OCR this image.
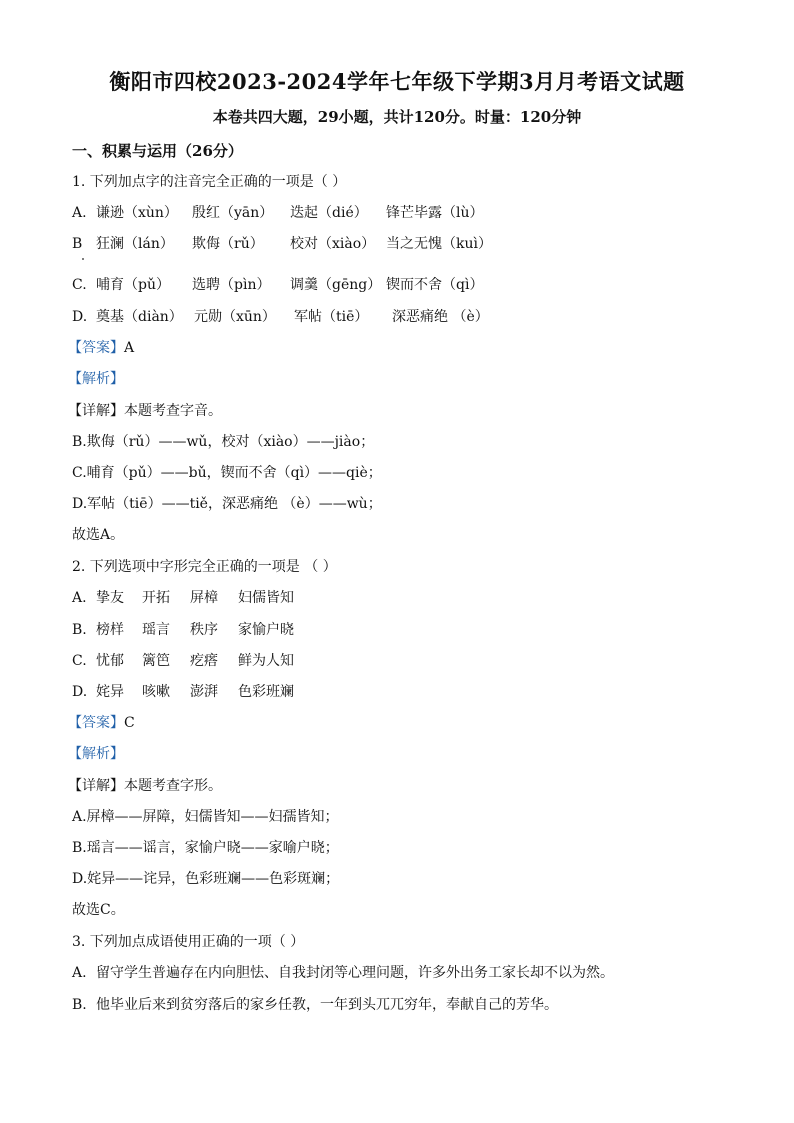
衡阳市四校2023-2024学年七年级下学期3月月考语文试题

本卷共四大题，29小题，共计120分。时量：120分钟

一、积累与运用（26分）
1. 下列加点字的注音完全正确的一项是（ ）
A. 谦逊（xùn） 殷红（yān） 迭起（dié） 锋芒毕露（lù）
B 狂澜（lán） 欺侮（rǔ） 校对（xiào） 当之无愧（kuì）
C. 哺育（pǔ） 选聘（pìn） 调羹（gēng） 锲而不舍（qì）
D. 奠基（diàn） 元勋（xūn） 军帖（tiē） 深恶痛绝 （è）
【答案】A
【解析】
【详解】本题考查字音。
B.欺侮（rǔ）——wǔ，校对（xiào）——jiào；
C.哺育（pǔ）——bǔ，锲而不舍（qì）——qiè；
D.军帖（tiē）——tiě，深恶痛绝 （è）——wù；
故选A。
2. 下列选项中字形完全正确的一项是 （ ）
A. 挚友 开拓 屏樟 妇儒皆知
B. 榜样 瑶言 秩序 家愉户晓
C. 忧郁 篱笆 疙瘩 鲜为人知
D. 姹异 咳嗽 澎湃 色彩班斓
【答案】C
【解析】
【详解】本题考查字形。
A.屏樟——屏障，妇儒皆知——妇孺皆知；
B.瑶言——谣言，家愉户晓——家喻户晓；
D.姹异——诧异，色彩班斓——色彩斑斓；
故选C。
3. 下列加点成语使用正确的一项（ ）
A. 留守学生普遍存在内向胆怯、自我封闭等心理问题，许多外出务工家长却不以为然。
B. 他毕业后来到贫穷落后的家乡任教，一年到头兀兀穷年，奉献自己的芳华。
